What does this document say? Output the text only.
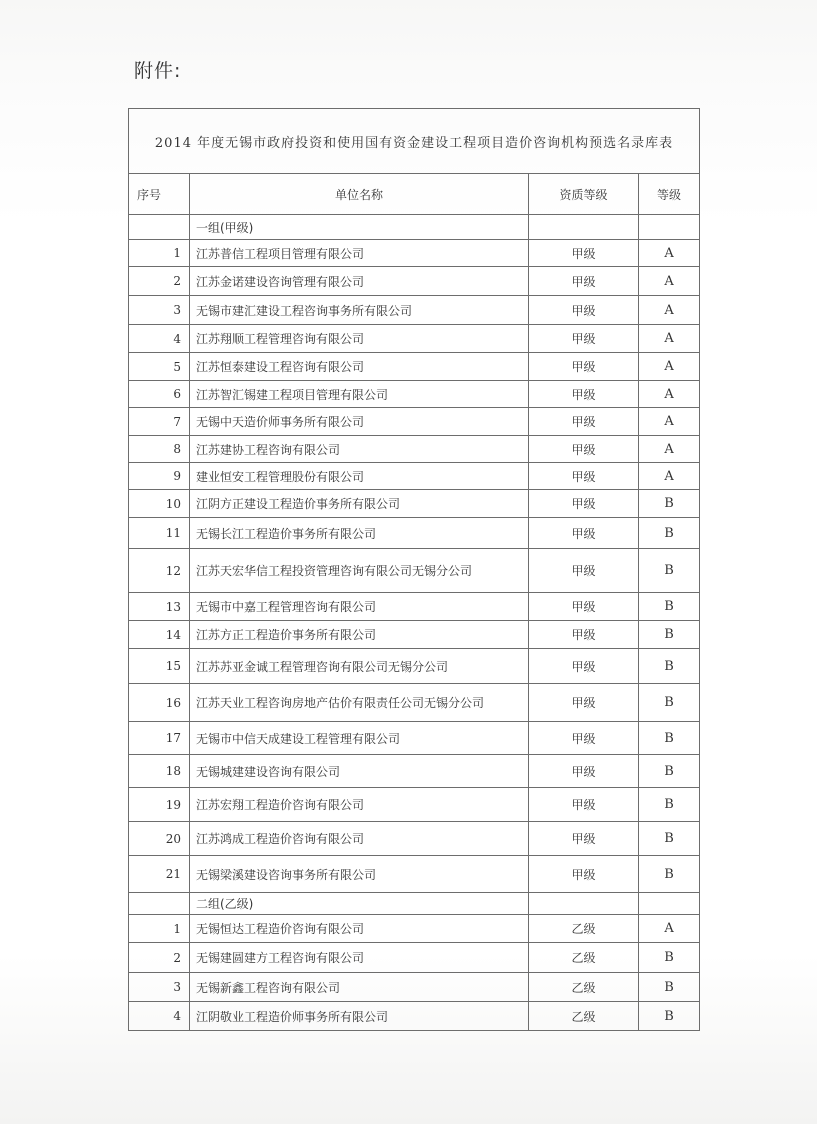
附件:
2014 年度无锡市政府投资和使用国有资金建设工程项目造价咨询机构预选名录库表			
序号	单位名称	资质等级	等级
	一组(甲级)		
1	江苏普信工程项目管理有限公司	甲级	A
2	江苏金诺建设咨询管理有限公司	甲级	A
3	无锡市建汇建设工程咨询事务所有限公司	甲级	A
4	江苏翔顺工程管理咨询有限公司	甲级	A
5	江苏恒泰建设工程咨询有限公司	甲级	A
6	江苏智汇锡建工程项目管理有限公司	甲级	A
7	无锡中天造价师事务所有限公司	甲级	A
8	江苏建协工程咨询有限公司	甲级	A
9	建业恒安工程管理股份有限公司	甲级	A
10	江阴方正建设工程造价事务所有限公司	甲级	B
11	无锡长江工程造价事务所有限公司	甲级	B
12	江苏天宏华信工程投资管理咨询有限公司无锡分公司	甲级	B
13	无锡市中嘉工程管理咨询有限公司	甲级	B
14	江苏方正工程造价事务所有限公司	甲级	B
15	江苏苏亚金诚工程管理咨询有限公司无锡分公司	甲级	B
16	江苏天业工程咨询房地产估价有限责任公司无锡分公司	甲级	B
17	无锡市中信天成建设工程管理有限公司	甲级	B
18	无锡城建建设咨询有限公司	甲级	B
19	江苏宏翔工程造价咨询有限公司	甲级	B
20	江苏鸿成工程造价咨询有限公司	甲级	B
21	无锡梁溪建设咨询事务所有限公司	甲级	B
	二组(乙级)		
1	无锡恒达工程造价咨询有限公司	乙级	A
2	无锡建圆建方工程咨询有限公司	乙级	B
3	无锡新鑫工程咨询有限公司	乙级	B
4	江阴敬业工程造价师事务所有限公司	乙级	B
